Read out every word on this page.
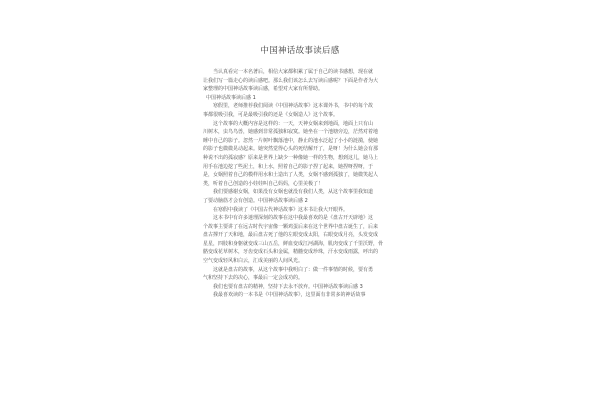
中国神话故事读后感

当认真看完一本名著后，相信大家都积累了属于自己的读书感想，现在就

让我们写一篇走心的读后感吧。那么我们该怎么去写读后感呢？下面是作者为大

家整理的中国神话故事读后感，希望对大家有所帮助。

中国神话故事读后感 1

寒假里，老师推荐我们阅读《中国神话故事》这本课外书，书中的每个故

事都很吸引我，可是最吸引我的还是《女娲造人》这个故事。

这个故事的大概内容是这样的：一天，天神女娲来到地面，地面上只有山

川树木，虫鸟鸟兽，她感到非常孤独和寂寞。她坐在一个池塘旁边，茫然对着地

睡中自己的影子。忽然一片树叶飘落池中，静止的池水泛起了小小的涟漪，使她

的影子也微微晃动起来。她突然觉得心头的死结解开了，是呀！为什么她会有那

种说不出的孤寂感？原来是世界上缺少一种像她一样的生物，想到这儿，她马上

用手在池边挖了些泥土，和上水，照着自己的影子捏了起来，她捏呀捏呀，于

是，女娲照着自己的模样用水和土造出了人类，女娲不感到孤独了，她微笑起人

类，听着自己创造的小娃娃叫自己妈妈，心里美极了！

我们要感谢女娲，如果没有女娲也就没有我们人类，从这个故事里我知道

了要动脑筋才会有创造。中国神话故事读后感 2

在寒假中我读了《中国古代神话故事》这本书让我大开眼界。

这本书中有许多迷理深刻的故事在这中我最喜欢的是《盘古开天辟地》这

个故事主要讲了在远古时代宇宙像一颗鸡蛋后来在这个世界中盘古诞生了，后来

盘古撑开了天和地，最后盘古死了他的左眼变成太阳，右眼变成月亮，头发变成

星星，四肢和身躯就变成三山五岳，鲜血变成江河湖海，肌肉变成了千里沃野，骨

骼变成花草树木，牙齿变成石头和金属，精髓变成珍珠，汗水变成雨露，呼出的

空气变成轻风和白云，汇成美丽的人间风光。

这就是盘古的故事，从这个故事中我明白了：做一件事情的时候，要有勇

气和坚持下去的决心，事最后一定会成功的。

我们也要有盘古的精神，坚持下去永不放弃。中国神话故事读后感 3

我最喜欢读的一本书是《中国神话故事》，这里面有非常多的神话故事
